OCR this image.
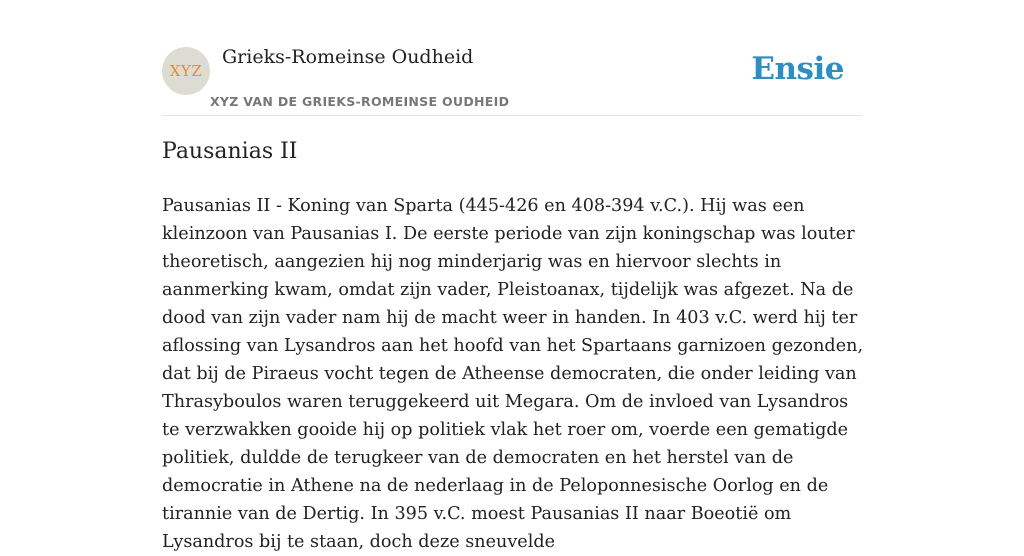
XYZ
Grieks-Romeinse Oudheid
XYZ VAN DE GRIEKS-ROMEINSE OUDHEID
Ensie
Pausanias II

Pausanias II - Koning van Sparta (445-426 en 408-394 v.C.). Hij was een kleinzoon van Pausanias I. De eerste periode van zijn koningschap was louter theoretisch, aangezien hij nog minderjarig was en hiervoor slechts in aanmerking kwam, omdat zijn vader, Pleistoanax, tijdelijk was afgezet. Na de dood van zijn vader nam hij de macht weer in handen. In 403 v.C. werd hij ter aflossing van Lysandros aan het hoofd van het Spartaans garnizoen gezonden, dat bij de Piraeus vocht tegen de Atheense democraten, die onder leiding van Thrasyboulos waren teruggekeerd uit Megara. Om de invloed van Lysandros te verzwakken gooide hij op politiek vlak het roer om, voerde een gematigde politiek, duldde de terugkeer van de democraten en het herstel van de democratie in Athene na de nederlaag in de Peloponnesische Oorlog en de tirannie van de Dertig. In 395 v.C. moest Pausanias II naar Boeotië om Lysandros bij te staan, doch deze sneuvelde
